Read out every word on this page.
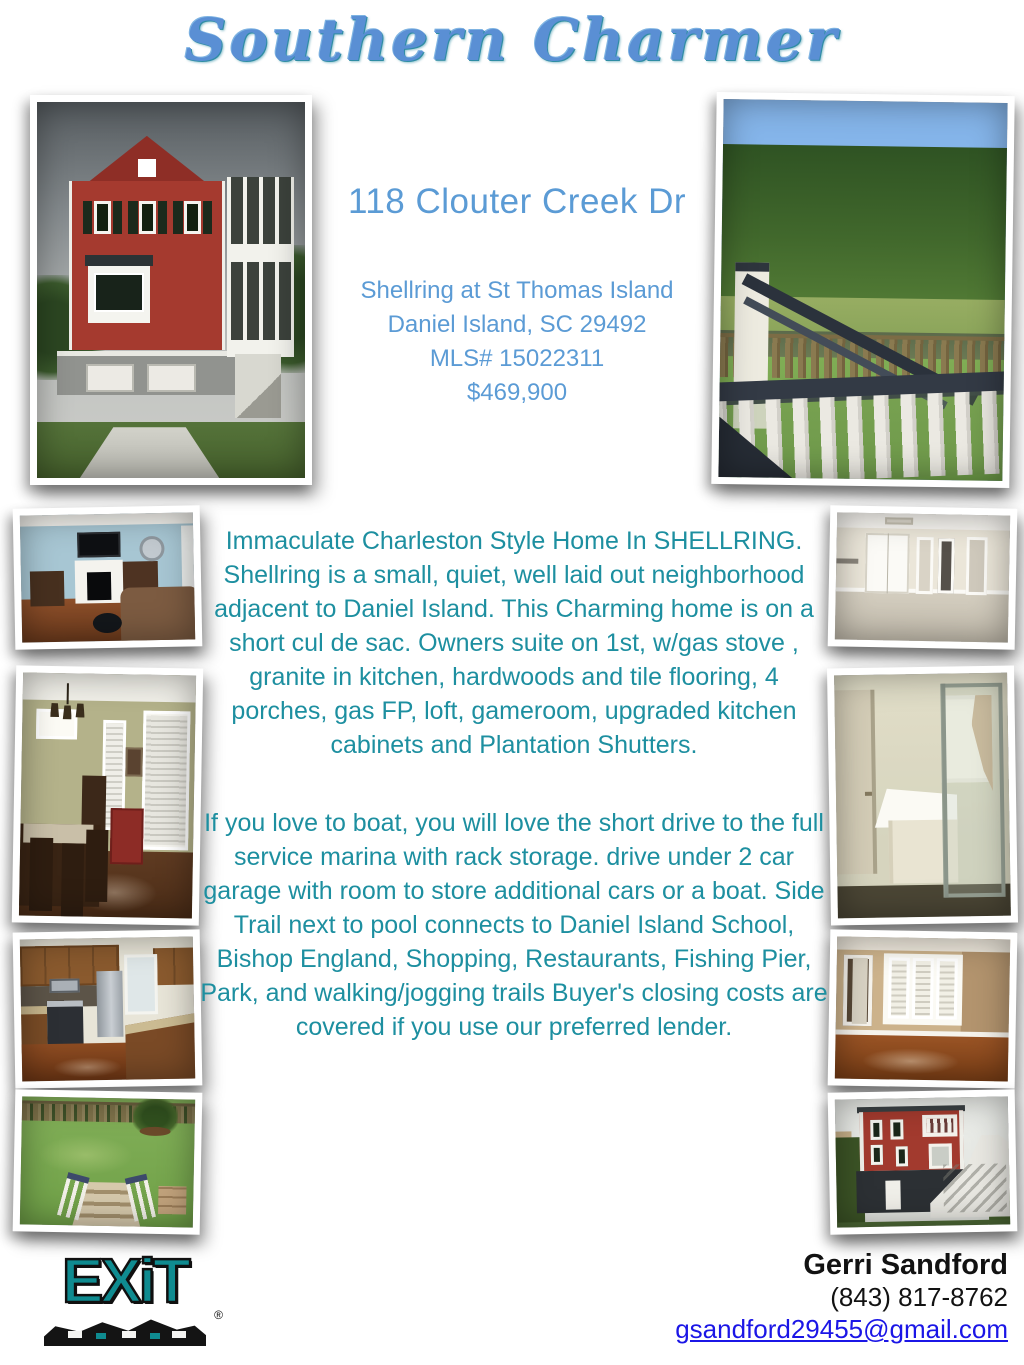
Southern Charmer
118 Clouter Creek Dr
Shellring at St Thomas Island
Daniel Island, SC 29492
MLS# 15022311
$469,900

Immaculate Charleston Style Home In SHELLRING. Shellring is a small, quiet, well laid out neighborhood adjacent to Daniel Island. This Charming home is on a short cul de sac. Owners suite on 1st, w/gas stove , granite in kitchen, hardwoods and tile flooring, 4 porches, gas FP, loft, gameroom, upgraded kitchen cabinets and Plantation Shutters.

If you love to boat, you will love the short drive to the full service marina with rack storage. drive under 2 car garage with room to store additional cars or a boat. Side Trail next to pool connects to Daniel Island School, Bishop England, Shopping, Restaurants, Fishing Pier, Park, and walking/jogging trails Buyer's closing costs are covered if you use our preferred lender.

EXiT ®
Gerri Sandford
(843) 817-8762
gsandford29455@gmail.com
